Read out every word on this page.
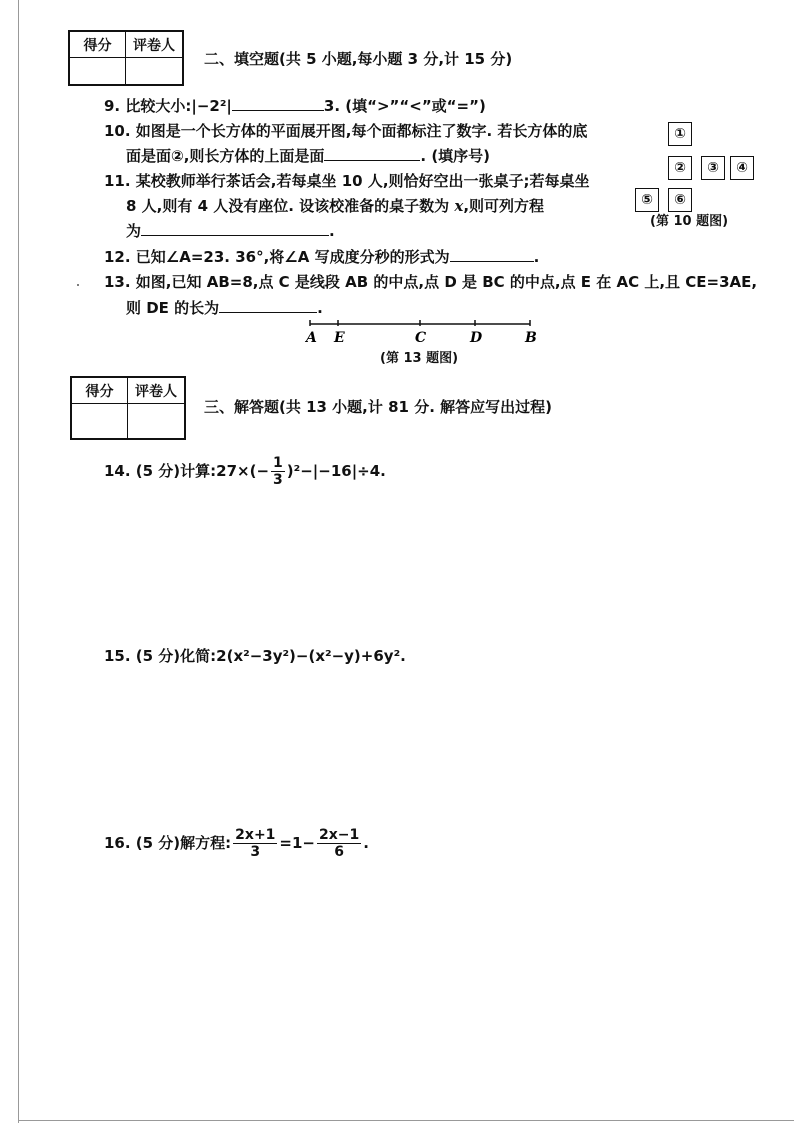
得分	评卷人
二、填空题(共 5 小题,每小题 3 分,计 15 分)
9. 比较大小:|−2²|	3. (填“>”“<”或“=”)
10. 如图是一个长方体的平面展开图,每个面都标注了数字. 若长方体的底
面是面②,则长方体的上面是面	. (填序号)
11. 某校教师举行茶话会,若每桌坐 10 人,则恰好空出一张桌子;若每桌坐
8 人,则有 4 人没有座位. 设该校准备的桌子数为 x,则可列方程
为	.
①
②	③	④
⑤	⑥
(第 10 题图)
12. 已知∠A=23. 36°,将∠A 写成度分秒的形式为	.
13. 如图,已知 AB=8,点 C 是线段 AB 的中点,点 D 是 BC 的中点,点 E 在 AC 上,且 CE=3AE,
则 DE 的长为	.
A E	C	D	B
(第 13 题图)
得分	评卷人
三、解答题(共 13 小题,计 81 分. 解答应写出过程)
14. (5 分)计算:27×(− $\frac{1}{3} )^2-|-16|\div 4$.
15. (5 分)化简:2(x²−3y²)−(x²−y)+6y².
16. (5 分)解方程: $\frac{2x+1}{3} =1- \frac{2x-1}{6}$ .
